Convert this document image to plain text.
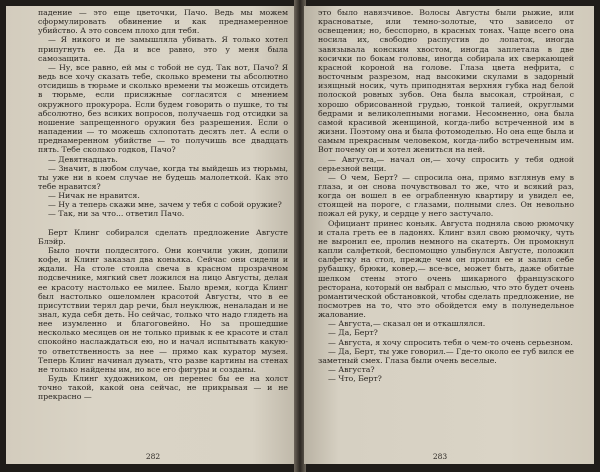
падение — это еще цветочки, Пачо. Ведь мы можем сформулировать обвинение и как преднамеренное убийство. А это совсем плохо для тебя.

— Я никого и не замышляла убивать. Я только хотел припугнуть ее. Да и все равно, это у меня была самозащита.

— Ну, все равно, ей мы с тобой не суд. Так вот, Пачо? Я ведь все хочу сказать тебе, сколько времени ты абсолютно отсидишь в тюрьме и сколько времени ты можешь отсидеть в тюрьме, если присяжные согласятся с мнением окружного прокурора. Если будем говорить о пушке, то ты абсолютно, без всяких вопросов, получаешь год отсидки за ношение запрещенного оружия без разрешения. Если о нападении — то можешь схлопотать десять лет. А если о преднамеренном убийстве — то получишь все двадцать пять. Тебе сколько годков, Пачо?

— Девятнадцать.

— Значит, в любом случае, когда ты выйдешь из тюрьмы, ты уже ни в коем случае не будешь малолеткой. Как это тебе нравится?

— Ничак не нравится.

— Ну а теперь скажи мне, зачем у тебя с собой оружие?

— Так, ни за что... ответил Пачо.

Берт Клинг собирался сделать предложение Августе Блэйр.

Было почти полдесятого. Они кончили ужин, допили кофе, и Клинг заказал два коньяка. Сейчас они сидели и ждали. На столе стояла свеча в красном прозрачном подсвечнике, мягкий свет ложился на лицо Августы, делая ее красоту настолько ее милее. Было время, когда Клинг был настолько ошеломлен красотой Августы, что в ее присутствии терял дар речи, был неуклюж, неналадан и не знал, куда себя деть. Но сейчас, только что надо глядеть на нее изумленно и благоговейно. Но за прошедшие несколько месяцев он не только привык к ее красоте и стал спокойно наслаждаться ею, но и начал испытывать какую-то ответственность за нее — прямо как куратор музея. Теперь Клинг начинал думать, что разве картины на стенах не только найдены им, но все его фигуры и созданы.

Будь Клинг художником, он перенес бы ее на холст точно такой, какой она сейчас, не прикрывая — и не прекрасно —

282

это было навязчивое. Волосы Августы были рыжие, или красноватые, или темно-золотые, что зависело от освещения; но, бесспорно, в красных тонах. Чаще всего она носила их, свободно распустив до лопаток, иногда завязывала конским хвостом, иногда заплетала в две косички по бокам головы, иногда собирала их сверкающей красной короной на голове. Глаза цвета нефрита, с восточным разрезом, над высокими скулами в задорный изящный носик, чуть приподнятая верхняя губка над белой полоской ровных зубов. Она была высокая, стройная, с хорошо обрисованной грудью, тонкой талией, округлыми бедрами и великолепными ногами. Несомненно, она была самой красивой женщиной, когда-либо встреченной им в жизни. Поэтому она и была фотомоделью. Но она еще была и самым прекрасным человеком, когда-либо встреченным им. Вот почему он и хотел жениться на ней.

— Августа,— начал он,— хочу спросить у тебя одной серьезной вещи.

— О чем, Берт? — спросила она, прямо взглянув ему в глаза, и он снова почувствовал то же, что и всякий раз, когда он вошел в ее ограбленную квартиру и увидел ее, стоящей на пороге, с глазами, полными слез. Он невольно пожал ей руку, и сердце у него застучало.

Официант принес коньяк. Августа подняла свою рюмочку и стала греть ее в ладонях. Клинг взял свою рюмочку, чуть не выронил ее, пролив немного на скатерть. Он промокнул капли салфеткой, беспомощно улыбнулся Августе, положил салфетку на стол, прежде чем он пролил ее и залил себе рубашку, брюки, ковер,— все-все, может быть, даже обитые шелком стены этого очень шикарного французского ресторана, который он выбрал с мыслью, что это будет очень романтической обстановкой, чтобы сделать предложение, не посмотрев на то, что это обойдется ему в полунедельное жалование.

— Августа,— сказал он и откашлялся.

— Да, Берт?

— Августа, я хочу спросить тебя о чем-то очень серьезном.

— Да, Берт, ты уже говорил.— Где-то около ее губ вился ее заметный смех. Глаза были очень веселые.

— Августа?

— Что, Берт?

283
